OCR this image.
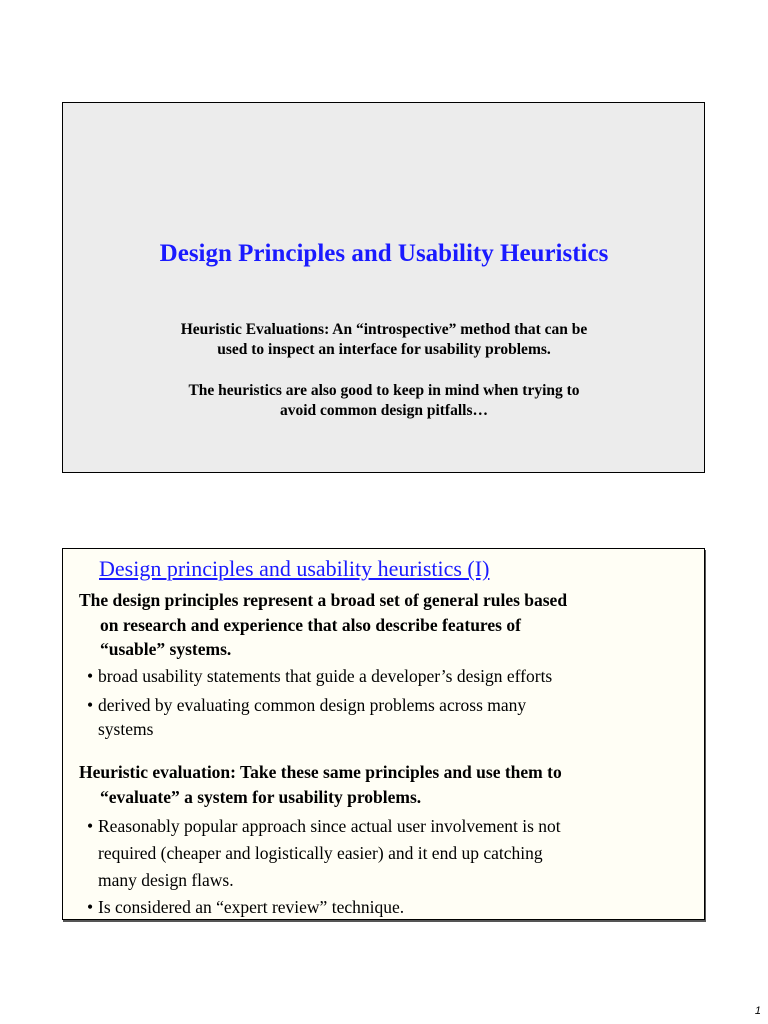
Design Principles and Usability Heuristics
Heuristic Evaluations: An “introspective” method that can be
used to inspect an interface for usability problems.
The heuristics are also good to keep in mind when trying to
avoid common design pitfalls…
Design principles and usability heuristics (I)
The design principles represent a broad set of general rules based
on research and experience that also describe features of
“usable” systems.
• broad usability statements that guide a developer’s design efforts
• derived by evaluating common design problems across many
systems
Heuristic evaluation: Take these same principles and use them to
“evaluate” a system for usability problems.
• Reasonably popular approach since actual user involvement is not
required (cheaper and logistically easier) and it end up catching
many design flaws.
• Is considered an “expert review” technique.
1
